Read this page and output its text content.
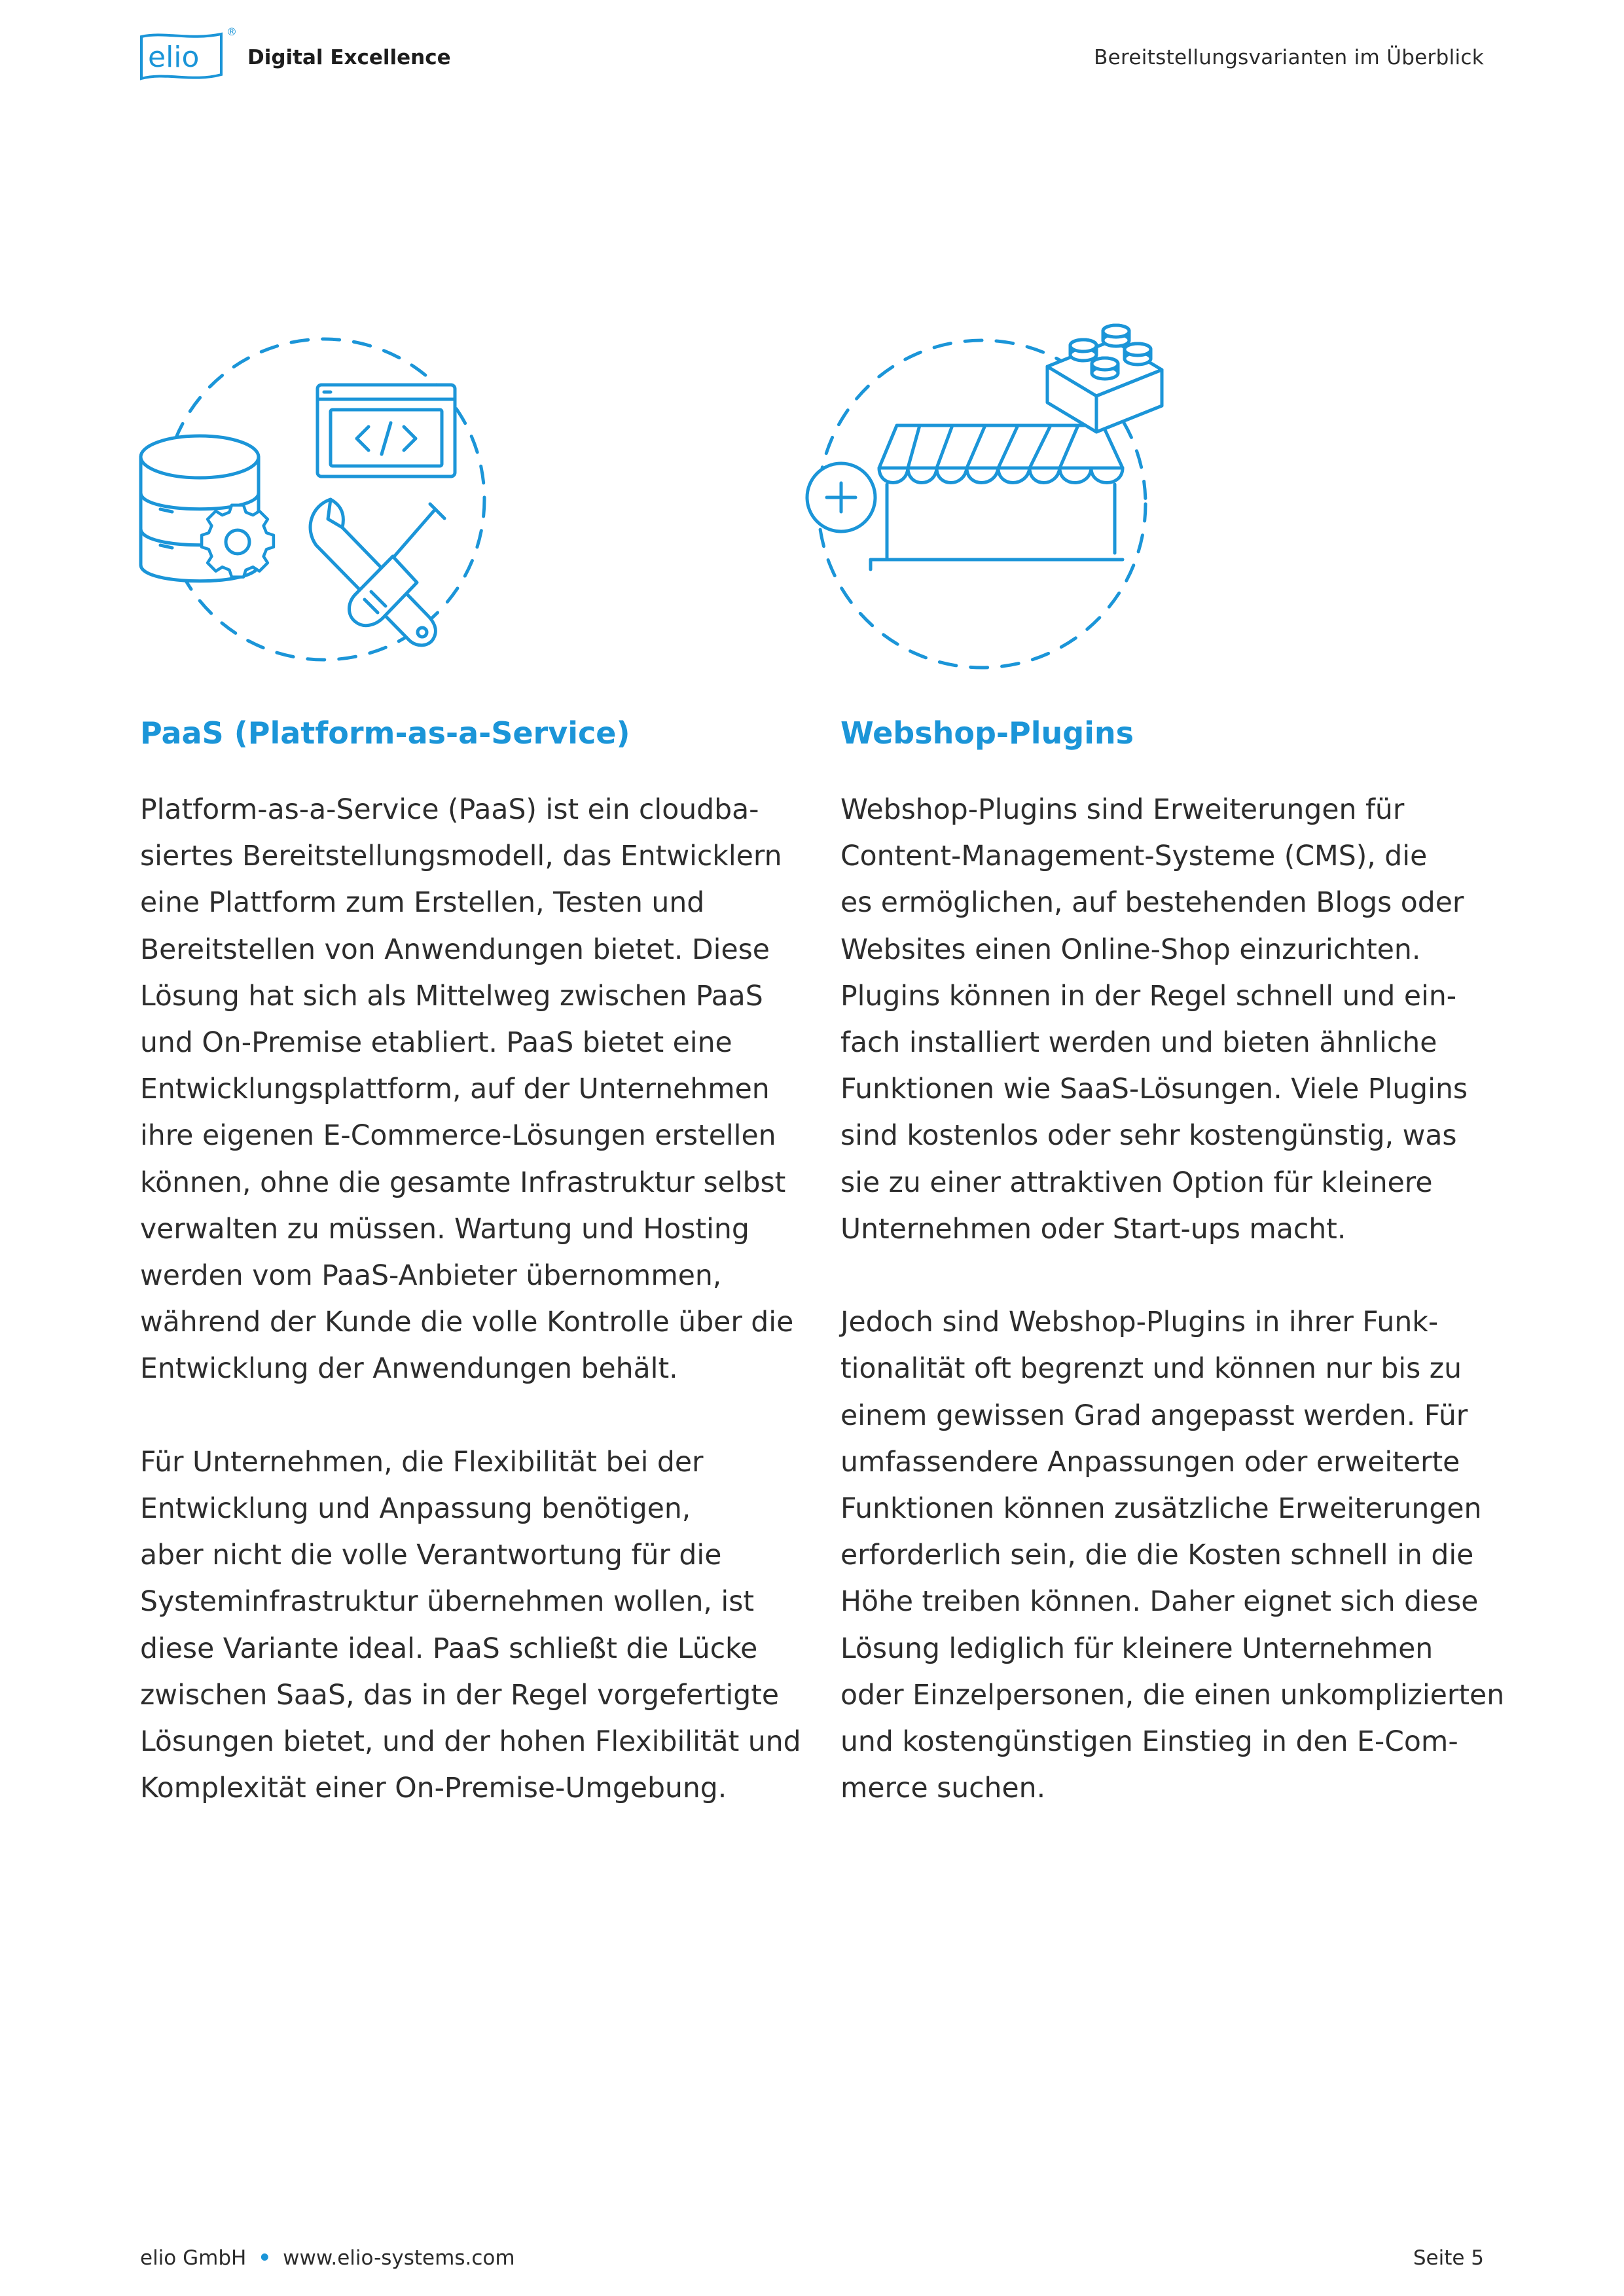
elio
®
Digital Excellence	Bereitstellungsvarianten im Überblick
PaaS (Platform-as-a-Service)

Platform-as-a-Service (PaaS) ist ein cloudba-
siertes Bereitstellungsmodell, das Entwicklern
eine Plattform zum Erstellen, Testen und
Bereitstellen von Anwendungen bietet. Diese
Lösung hat sich als Mittelweg zwischen PaaS
und On-Premise etabliert. PaaS bietet eine
Entwicklungsplattform, auf der Unternehmen
ihre eigenen E-Commerce-Lösungen erstellen
können, ohne die gesamte Infrastruktur selbst
verwalten zu müssen. Wartung und Hosting
werden vom PaaS-Anbieter übernommen,
während der Kunde die volle Kontrolle über die
Entwicklung der Anwendungen behält.

Für Unternehmen, die Flexibilität bei der
Entwicklung und Anpassung benötigen,
aber nicht die volle Verantwortung für die
Systeminfrastruktur übernehmen wollen, ist
diese Variante ideal. PaaS schließt die Lücke
zwischen SaaS, das in der Regel vorgefertigte
Lösungen bietet, und der hohen Flexibilität und
Komplexität einer On-Premise-Umgebung.

Webshop-Plugins

Webshop-Plugins sind Erweiterungen für
Content-Management-Systeme (CMS), die
es ermöglichen, auf bestehenden Blogs oder
Websites einen Online-Shop einzurichten.
Plugins können in der Regel schnell und ein-
fach installiert werden und bieten ähnliche
Funktionen wie SaaS-Lösungen. Viele Plugins
sind kostenlos oder sehr kostengünstig, was
sie zu einer attraktiven Option für kleinere
Unternehmen oder Start-ups macht.

Jedoch sind Webshop-Plugins in ihrer Funk-
tionalität oft begrenzt und können nur bis zu
einem gewissen Grad angepasst werden. Für
umfassendere Anpassungen oder erweiterte
Funktionen können zusätzliche Erweiterungen
erforderlich sein, die die Kosten schnell in die
Höhe treiben können. Daher eignet sich diese
Lösung lediglich für kleinere Unternehmen
oder Einzelpersonen, die einen unkomplizierten
und kostengünstigen Einstieg in den E-Com-
merce suchen.

elio GmbH • www.elio-systems.com	Seite 5
